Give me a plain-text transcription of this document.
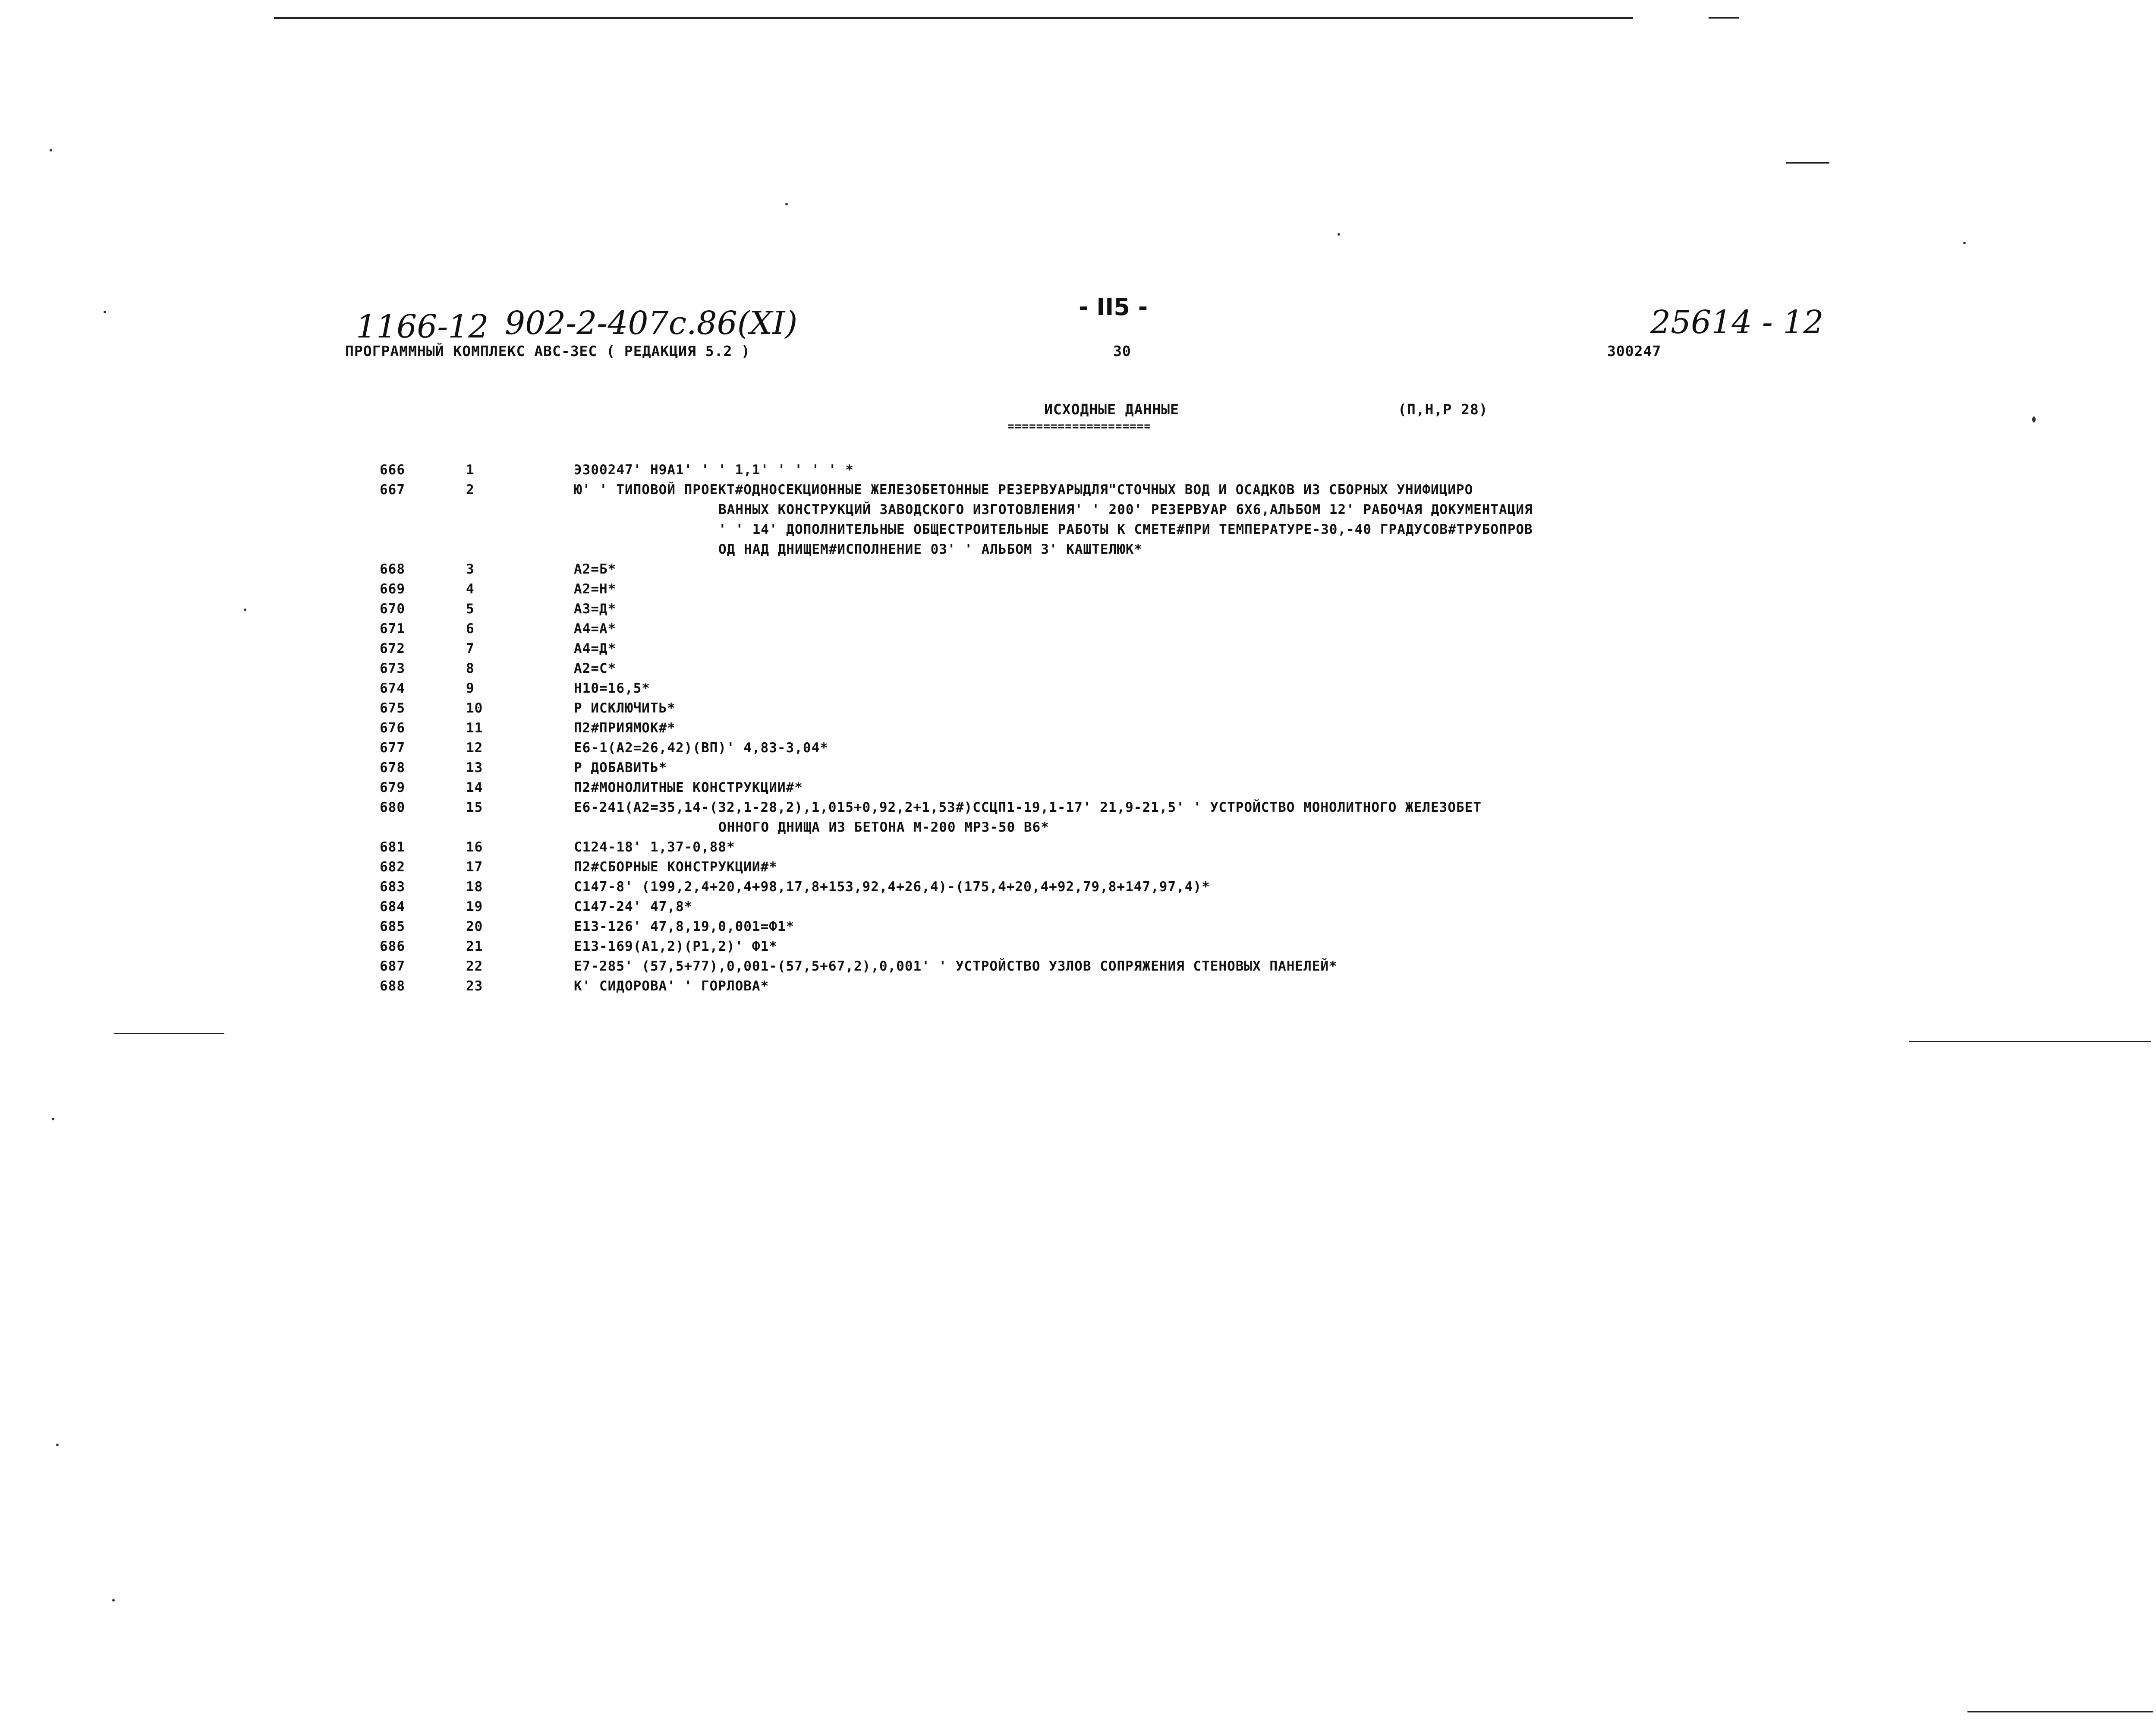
1166-12 902-2-407с.86(XI)	- II5 -	25614 - 12
ПРОГРАММНЫЙ КОМПЛЕКС АВС-3ЕС ( РЕДАКЦИЯ 5.2 )	30	300247
ИСХОДНЫЕ ДАННЫЕ
====================
(П,Н,Р 28)
666	1	Э300247' Н9А1' ' ' 1,1' ' ' ' ' *
667	2	Ю' ' ТИПОВОЙ ПРОЕКТ#ОДНОСЕКЦИОННЫЕ ЖЕЛЕЗОБЕТОННЫЕ РЕЗЕРВУАРЫДЛЯ"СТОЧНЫХ ВОД И ОСАДКОВ ИЗ СБОРНЫХ УНИФИЦИРО
ВАННЫХ КОНСТРУКЦИЙ ЗАВОДСКОГО ИЗГОТОВЛЕНИЯ' ' 200' РЕЗЕРВУАР 6Х6,АЛЬБОМ 12' РАБОЧАЯ ДОКУМЕНТАЦИЯ
' ' 14' ДОПОЛНИТЕЛЬНЫЕ ОБЩЕСТРОИТЕЛЬНЫЕ РАБОТЫ К СМЕТЕ#ПРИ ТЕМПЕРАТУРЕ-30,-40 ГРАДУСОВ#ТРУБОПРОВ
ОД НАД ДНИЩЕМ#ИСПОЛНЕНИЕ 03' ' АЛЬБОМ 3' КАШТЕЛЮК*
668	3	А2=Б*
669	4	А2=Н*
670	5	А3=Д*
671	6	А4=А*
672	7	А4=Д*
673	8	А2=С*
674	9	Н10=16,5*
675	10	Р ИСКЛЮЧИТЬ*
676	11	П2#ПРИЯМОК#*
677	12	Е6-1(А2=26,42)(ВП)' 4,83-3,04*
678	13	Р ДОБАВИТЬ*
679	14	П2#МОНОЛИТНЫЕ КОНСТРУКЦИИ#*
680	15	Е6-241(А2=35,14-(32,1-28,2),1,015+0,92,2+1,53#)ССЦП1-19,1-17' 21,9-21,5' ' УСТРОЙСТВО МОНОЛИТНОГО ЖЕЛЕЗОБЕТ
ОННОГО ДНИЩА ИЗ БЕТОНА М-200 МРЗ-50 В6*
681	16	С124-18' 1,37-0,88*
682	17	П2#СБОРНЫЕ КОНСТРУКЦИИ#*
683	18	С147-8' (199,2,4+20,4+98,17,8+153,92,4+26,4)-(175,4+20,4+92,79,8+147,97,4)*
684	19	С147-24' 47,8*
685	20	Е13-126' 47,8,19,0,001=Ф1*
686	21	Е13-169(А1,2)(Р1,2)' Ф1*
687	22	Е7-285' (57,5+77),0,001-(57,5+67,2),0,001' ' УСТРОЙСТВО УЗЛОВ СОПРЯЖЕНИЯ СТЕНОВЫХ ПАНЕЛЕЙ*
688	23	К' СИДОРОВА' ' ГОРЛОВА*
